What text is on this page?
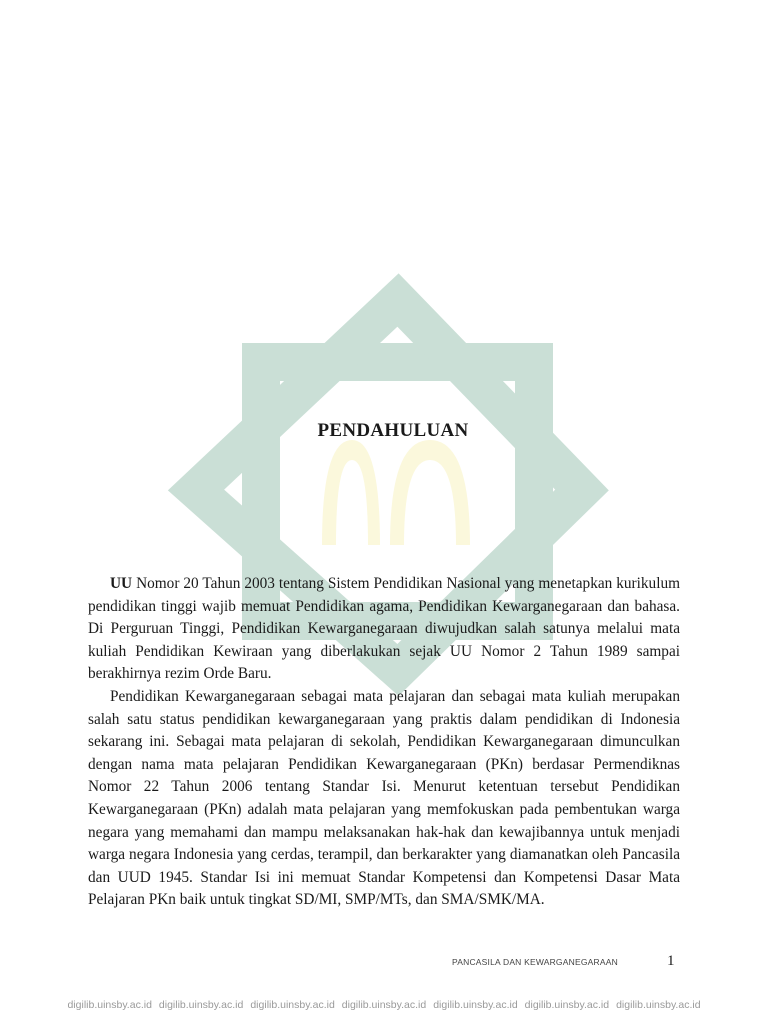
PENDAHULUAN

UU Nomor 20 Tahun 2003 tentang Sistem Pendidikan Nasional yang menetapkan kurikulum pendidikan tinggi wajib memuat Pendidikan agama, Pendidikan Kewarganegaraan dan bahasa. Di Perguruan Tinggi, Pendidikan Kewarganegaraan diwujudkan salah satunya melalui mata kuliah Pendidikan Kewiraan yang diberlakukan sejak UU Nomor 2 Tahun 1989 sampai berakhirnya rezim Orde Baru.

Pendidikan Kewarganegaraan sebagai mata pelajaran dan sebagai mata kuliah merupakan salah satu status pendidikan kewarganegaraan yang praktis dalam pendidikan di Indonesia sekarang ini. Sebagai mata pelajaran di sekolah, Pendidikan Kewarganegaraan dimunculkan dengan nama mata pelajaran Pendidikan Kewarganegaraan (PKn) berdasar Permendiknas Nomor 22 Tahun 2006 tentang Standar Isi. Menurut ketentuan tersebut Pendidikan Kewarganegaraan (PKn) adalah mata pelajaran yang memfokuskan pada pembentukan warga negara yang memahami dan mampu melaksanakan hak-hak dan kewajibannya untuk menjadi warga negara Indonesia yang cerdas, terampil, dan berkarakter yang diamanatkan oleh Pancasila dan UUD 1945. Standar Isi ini memuat Standar Kompetensi dan Kompetensi Dasar Mata Pelajaran PKn baik untuk tingkat SD/MI, SMP/MTs, dan SMA/SMK/MA.

PANCASILA DAN KEWARGANEGARAAN	1
digilib.uinsby.ac.id digilib.uinsby.ac.id digilib.uinsby.ac.id digilib.uinsby.ac.id digilib.uinsby.ac.id digilib.uinsby.ac.id digilib.uinsby.ac.id
